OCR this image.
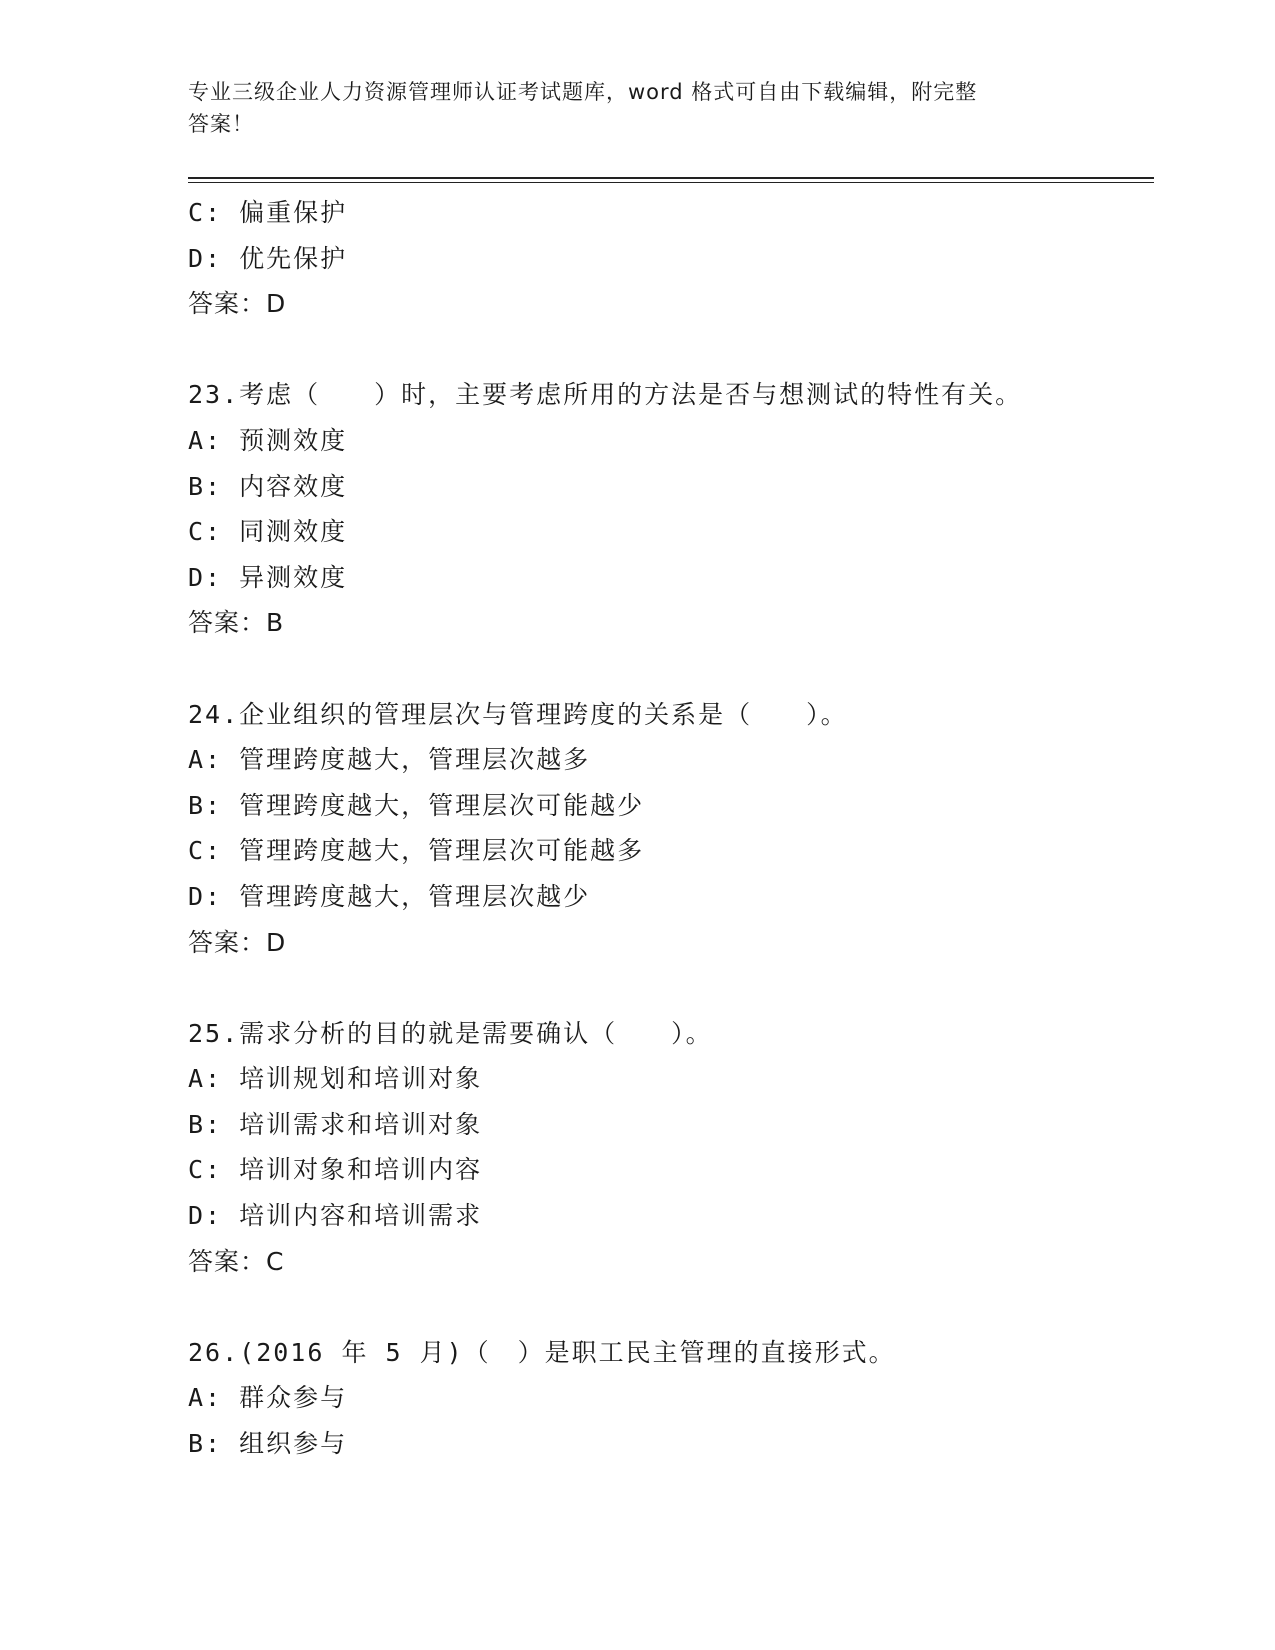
专业三级企业人力资源管理师认证考试题库，word 格式可自由下载编辑，附完整
答案！
C: 偏重保护
D: 优先保护
答案：D
23.考虑（　　）时，主要考虑所用的方法是否与想测试的特性有关。
A: 预测效度
B: 内容效度
C: 同测效度
D: 异测效度
答案：B
24.企业组织的管理层次与管理跨度的关系是（　　）。
A: 管理跨度越大，管理层次越多
B: 管理跨度越大，管理层次可能越少
C: 管理跨度越大，管理层次可能越多
D: 管理跨度越大，管理层次越少
答案：D
25.需求分析的目的就是需要确认（　　）。
A: 培训规划和培训对象
B: 培训需求和培训对象
C: 培训对象和培训内容
D: 培训内容和培训需求
答案：C
26.(2016 年 5 月)（　）是职工民主管理的直接形式。
A: 群众参与
B: 组织参与
